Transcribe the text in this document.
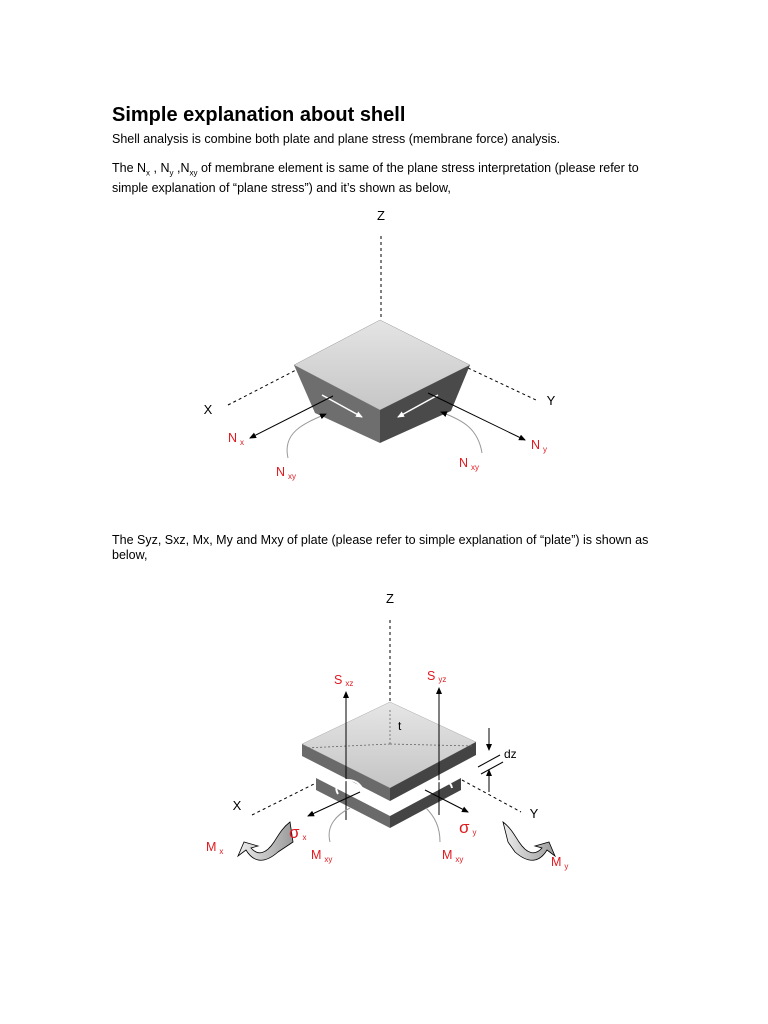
Simple explanation about shell

Shell analysis is combine both plate and plane stress (membrane force) analysis.

The $N_x$ , $N_y$ $,N_{xy}$ of membrane element is same of the plane stress interpretation (please refer to simple explanation of “plane stress”) and it’s shown as below,

Z
X
Y
N $_x$	N $_y$
N $_{xy}$
N $_{xy}$

The Syz, Sxz, Mx, My and Mxy of plate (please refer to simple explanation of “plate”) is shown as below,

Z
X
Y
t
dz
Sxz
Syz
M $_x$
M $_y$
M $_{xy}$	M $_{xy}$
σx
σy
